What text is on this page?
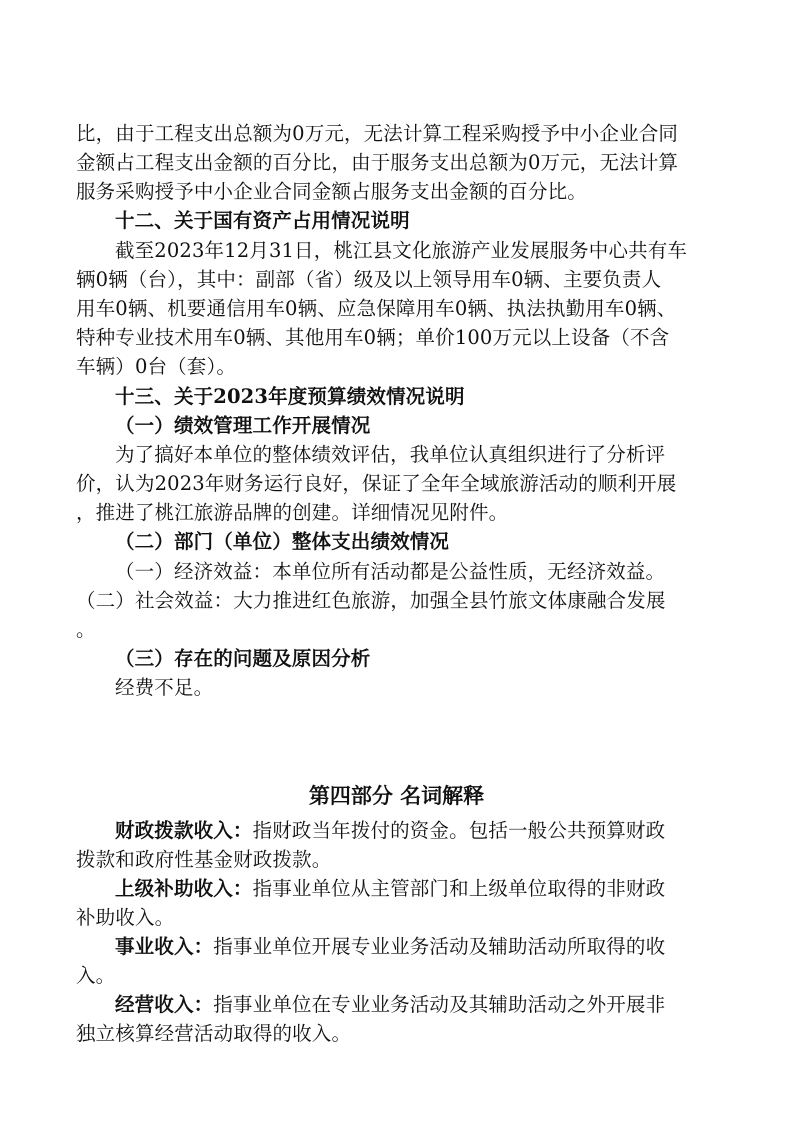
比，由于工程支出总额为0万元，无法计算工程采购授予中小企业合同
金额占工程支出金额的百分比，由于服务支出总额为0万元，无法计算
服务采购授予中小企业合同金额占服务支出金额的百分比。
十二、关于国有资产占用情况说明
截至2023年12月31日，桃江县文化旅游产业发展服务中心共有车
辆0辆（台），其中：副部（省）级及以上领导用车0辆、主要负责人
用车0辆、机要通信用车0辆、应急保障用车0辆、执法执勤用车0辆、
特种专业技术用车0辆、其他用车0辆；单价100万元以上设备（不含
车辆）0台（套）。
十三、关于2023年度预算绩效情况说明
（一）绩效管理工作开展情况
为了搞好本单位的整体绩效评估，我单位认真组织进行了分析评
价，认为2023年财务运行良好，保证了全年全域旅游活动的顺利开展
，推进了桃江旅游品牌的创建。详细情况见附件。
（二）部门（单位）整体支出绩效情况
（一）经济效益：本单位所有活动都是公益性质，无经济效益。
（二）社会效益：大力推进红色旅游，加强全县竹旅文体康融合发展
。
（三）存在的问题及原因分析
经费不足。
第四部分 名词解释
财政拨款收入：指财政当年拨付的资金。包括一般公共预算财政
拨款和政府性基金财政拨款。
上级补助收入：指事业单位从主管部门和上级单位取得的非财政
补助收入。
事业收入：指事业单位开展专业业务活动及辅助活动所取得的收
入。
经营收入：指事业单位在专业业务活动及其辅助活动之外开展非
独立核算经营活动取得的收入。
